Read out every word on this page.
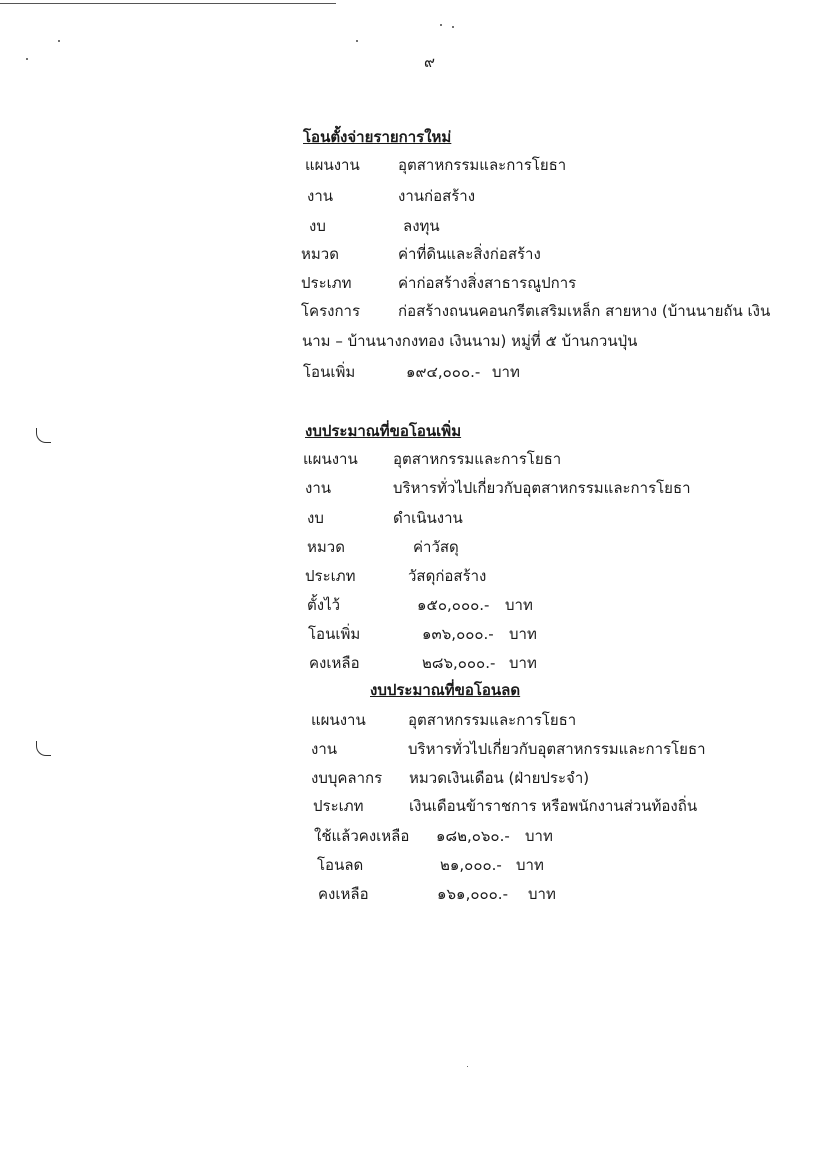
๙
โอนตั้งจ่ายรายการใหม่
แผนงาน	อุตสาหกรรมและการโยธา
งาน	งานก่อสร้าง
งบ	ลงทุน
หมวด	ค่าที่ดินและสิ่งก่อสร้าง
ประเภท	ค่าก่อสร้างสิ่งสาธารณูปการ
โครงการ	ก่อสร้างถนนคอนกรีตเสริมเหล็ก สายหาง (บ้านนายถัน เงิน
นาม – บ้านนางกงทอง เงินนาม) หมู่ที่ ๕ บ้านกวนปุ่น
โอนเพิ่ม	๑๙๔,๐๐๐.- บาท
งบประมาณที่ขอโอนเพิ่ม
แผนงาน อุตสาหกรรมและการโยธา
งาน	บริหารทั่วไปเกี่ยวกับอุตสาหกรรมและการโยธา
งบ	ดำเนินงาน
หมวด	ค่าวัสดุ
ประเภท	วัสดุก่อสร้าง
ตั้งไว้	๑๕๐,๐๐๐.- บาท
โอนเพิ่ม	๑๓๖,๐๐๐.- บาท
คงเหลือ	๒๘๖,๐๐๐.- บาท
งบประมาณที่ขอโอนลด
แผนงาน	อุตสาหกรรมและการโยธา
งาน	บริหารทั่วไปเกี่ยวกับอุตสาหกรรมและการโยธา
งบบุคลากร หมวดเงินเดือน (ฝ่ายประจำ)
ประเภท	เงินเดือนข้าราชการ หรือพนักงานส่วนท้องถิ่น
ใช้แล้วคงเหลือ ๑๘๒,๐๖๐.- บาท
โอนลด	๒๑,๐๐๐.- บาท
คงเหลือ	๑๖๑,๐๐๐.- บาท
